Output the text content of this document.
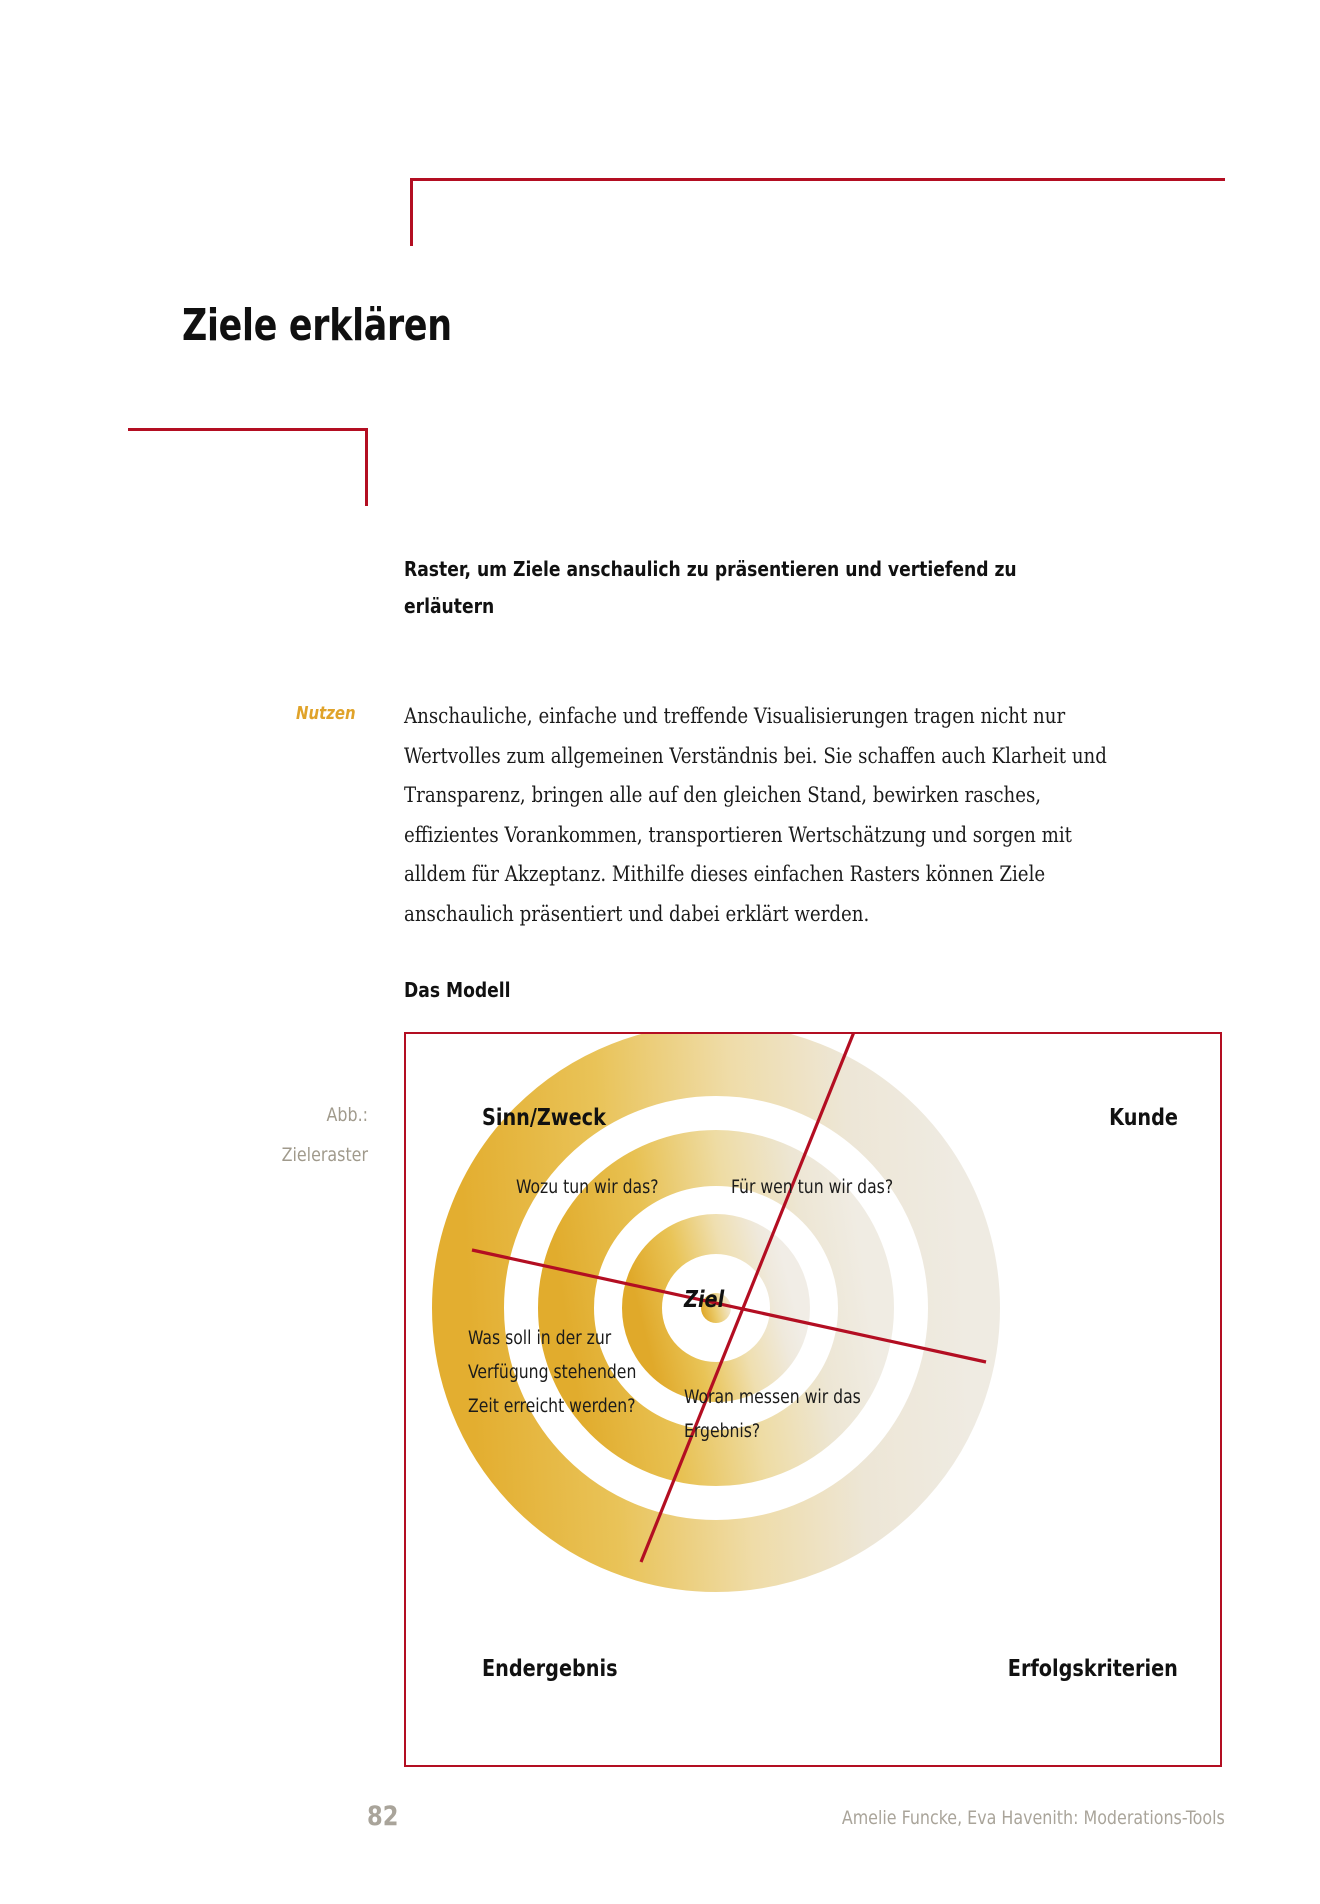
Ziele erklären
Raster, um Ziele anschaulich zu präsentieren und vertiefend zu erläutern
Nutzen Anschauliche, einfache und treffende Visualisierungen tragen nicht nur Wertvolles zum allgemeinen Verständnis bei. Sie schaffen auch Klarheit und Transparenz, bringen alle auf den gleichen Stand, bewirken rasches, effizientes Vorankommen, transportieren Wertschätzung und sorgen mit alldem für Akzeptanz. Mithilfe dieses einfachen Rasters können Ziele anschaulich präsentiert und dabei erklärt werden.

Das Modell
Abb.:
Zieleraster
Sinn/Zweck	Kunde
Endergebnis	Erfolgskriterien
Wozu tun wir das?	Für wen tun wir das?
Was soll in der zur Verfügung stehenden Zeit erreicht werden?	Woran messen wir das Ergebnis?
Ziel
82	Amelie Funcke, Eva Havenith: Moderations-Tools
